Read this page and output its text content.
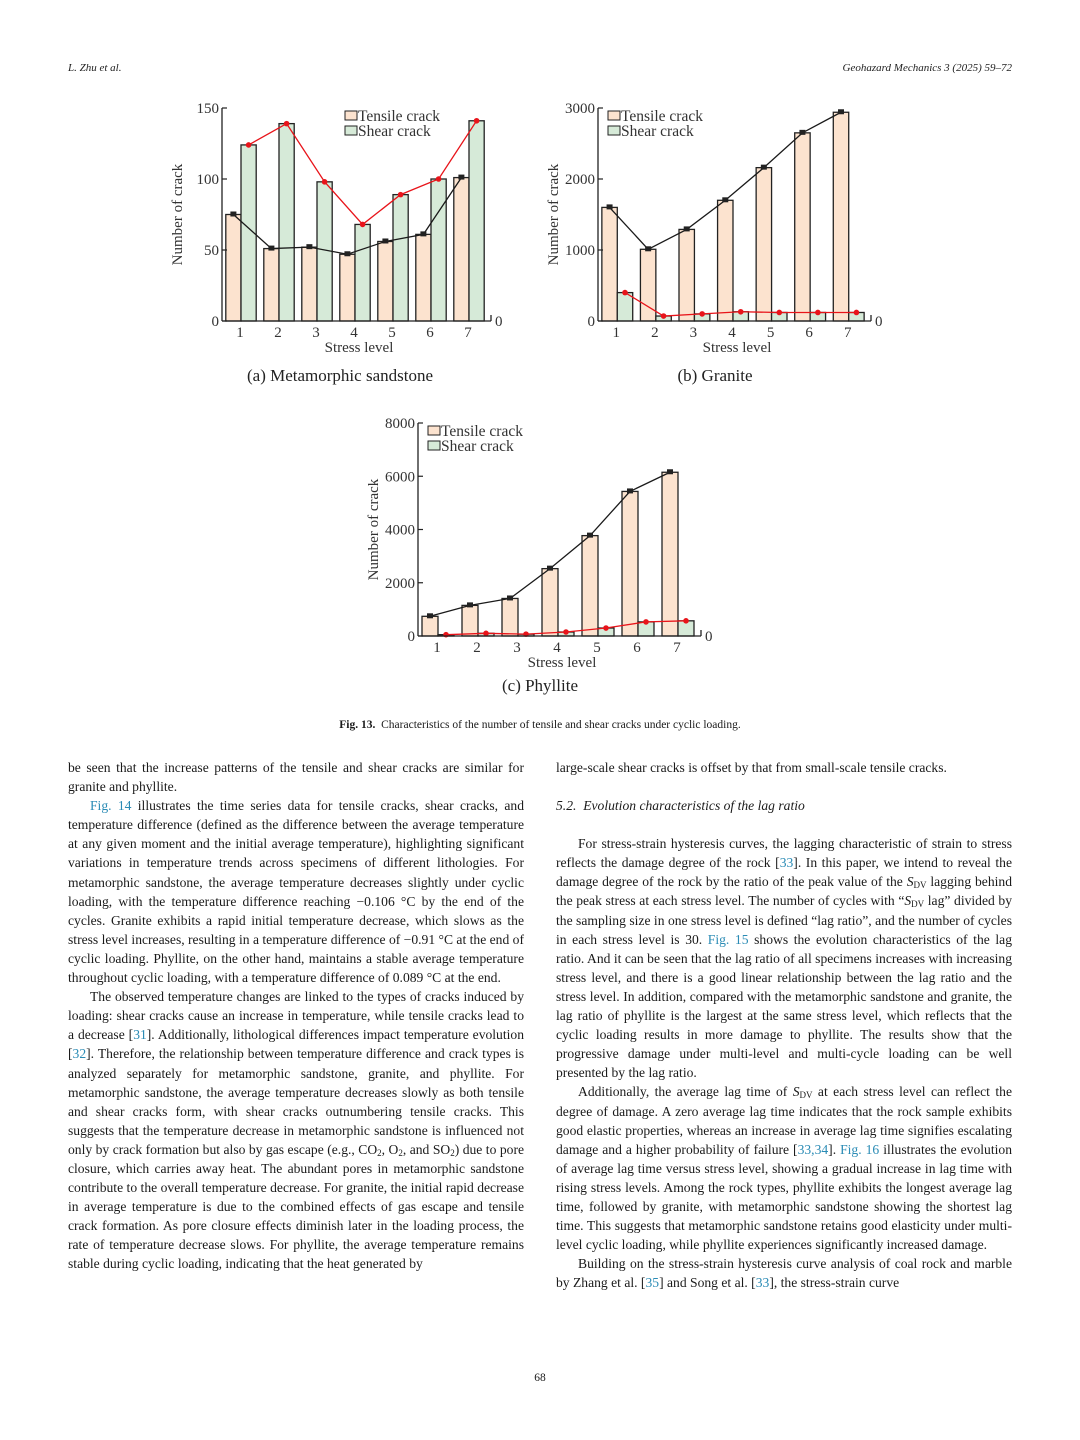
L. Zhu et al.	Geohazard Mechanics 3 (2025) 59–72
0
0
50
100
150
1 2 3 4 5 6 7
Stress level
Number of crack
Tensile crack
Shear crack
(a) Metamorphic sandstone
0
0
1000
2000
3000
1 2 3 4 5 6 7
Stress level
Number of crack
Tensile crack
Shear crack
(b) Granite
0
0
2000
4000
6000
8000
1 2 3 4 5 6 7
Stress level
Number of crack
Tensile crack
Shear crack
(c) Phyllite
Fig. 13. Characteristics of the number of tensile and shear cracks under cyclic loading.

be seen that the increase patterns of the tensile and shear cracks are similar for granite and phyllite.

Fig. 14 illustrates the time series data for tensile cracks, shear cracks, and temperature difference (defined as the difference between the average temperature at any given moment and the initial average temperature), highlighting significant variations in temperature trends across specimens of different lithologies. For metamorphic sandstone, the average temperature decreases slightly under cyclic loading, with the temperature difference reaching −0.106 °C by the end of the cycles. Granite exhibits a rapid initial temperature decrease, which slows as the stress level increases, resulting in a temperature difference of −0.91 °C at the end of cyclic loading. Phyllite, on the other hand, maintains a stable average temperature throughout cyclic loading, with a temperature difference of 0.089 °C at the end.

The observed temperature changes are linked to the types of cracks induced by loading: shear cracks cause an increase in temperature, while tensile cracks lead to a decrease [31]. Additionally, lithological differences impact temperature evolution [32]. Therefore, the relationship between temperature difference and crack types is analyzed separately for metamorphic sandstone, granite, and phyllite. For metamorphic sandstone, the average temperature decreases slowly as both tensile and shear cracks form, with shear cracks outnumbering tensile cracks. This suggests that the temperature decrease in metamorphic sandstone is influenced not only by crack formation but also by gas escape (e.g., $CO_2$, $O_2$, and $SO_2$) due to pore closure, which carries away heat. The abundant pores in metamorphic sandstone contribute to the overall temperature decrease. For granite, the initial rapid decrease in average temperature is due to the combined effects of gas escape and tensile crack formation. As pore closure effects diminish later in the loading process, the rate of temperature decrease slows. For phyllite, the average temperature remains stable during cyclic loading, indicating that the heat generated by

large-scale shear cracks is offset by that from small-scale tensile cracks.

5.2.  Evolution characteristics of the lag ratio

For stress-strain hysteresis curves, the lagging characteristic of strain to stress reflects the damage degree of the rock [33]. In this paper, we intend to reveal the damage degree of the rock by the ratio of the peak value of the $S_{DV}$ lagging behind the peak stress at each stress level. The number of cycles with “$S_{DV}$ lag” divided by the sampling size in one stress level is defined “lag ratio”, and the number of cycles in each stress level is 30. Fig. 15 shows the evolution characteristics of the lag ratio. And it can be seen that the lag ratio of all specimens increases with increasing stress level, and there is a good linear relationship between the lag ratio and the stress level. In addition, compared with the metamorphic sandstone and granite, the lag ratio of phyllite is the largest at the same stress level, which reflects that the cyclic loading results in more damage to phyllite. The results show that the progressive damage under multi-level and multi-cycle loading can be well presented by the lag ratio.

Additionally, the average lag time of $S_{DV}$ at each stress level can reflect the degree of damage. A zero average lag time indicates that the rock sample exhibits good elastic properties, whereas an increase in average lag time signifies escalating damage and a higher probability of failure [33,34]. Fig. 16 illustrates the evolution of average lag time versus stress level, showing a gradual increase in lag time with rising stress levels. Among the rock types, phyllite exhibits the longest average lag time, followed by granite, with metamorphic sandstone showing the shortest lag time. This suggests that metamorphic sandstone retains good elasticity under multi-level cyclic loading, while phyllite experiences significantly increased damage.

Building on the stress-strain hysteresis curve analysis of coal rock and marble by Zhang et al. [35] and Song et al. [33], the stress-strain curve

68
